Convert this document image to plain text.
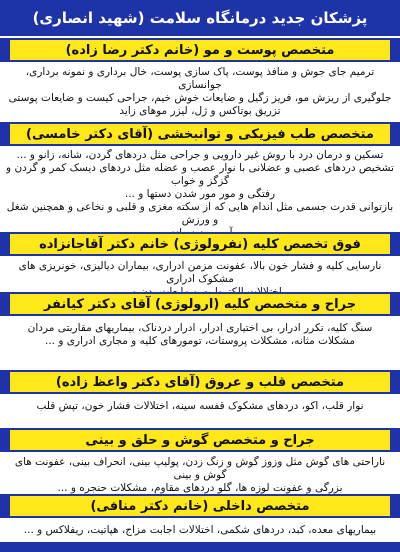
پزشکان جدید درمانگاه سلامت (شهید انصاری)
متخصص پوست و مو (خانم دکتر رضا زاده)
ترمیم جای جوش و منافذ پوست، پاک سازی پوست، خال برداری و نمونه برداری، جوانسازی
جلوگیری از ریزش مو، فریز زگیل و ضایعات خوش خیم، جراحی کیست و ضایعات پوستی
تزریق بوتاکس و ژل، لیزر موهای زاید
متخصص طب فیزیکی و توانبخشی (آقای دکتر خامسی)
تسکین و درمان درد با روش غیر دارویی و جراحی مثل دردهای گردن، شانه، زانو و ...
تشخیص دردهای عصبی و عضلانی با نوار عصب و عضله مثل دردهای دیسک کمر و گردن و گزگز و خواب
رفتگی و مور مور شدن دستها و ...
بازتوانی قدرت جسمی مثل اندام هایی که از سکته مغزی و قلبی و نخاعی و همچنین شغل و ورزش
فوق تخصص کلیه (نفرولوژی) خانم دکتر آقاجانزاده
نارسایی کلیه و فشار خون بالا، عفونت مزمن ادراری، بیماران دیالیزی، خونریزی های مشکوک ادراری
جراح و متخصص کلیه (ارولوژی) آقای دکتر کیانفر
سنگ کلیه، تکرر ادرار، بی اختیاری ادرار، ادرار دردناک، بیماریهای مقاربتی مردان
مشکلات مثانه، مشکلات پروستات، تومورهای کلیه و مجاری ادراری و ...
متخصص قلب و عروق (آقای دکتر واعظ زاده)
نوار قلب، اکو، دردهای مشکوک قفسه سینه، اختلالات فشار خون، تپش قلب
جراح و متخصص گوش و حلق و بینی
ناراحتی های گوش مثل وزوز گوش و زنگ زدن، پولیپ بینی، انحراف بینی، عفونت های گوش و بینی
بزرگی و عفونت لوزه ها، گلو دردهای مقاوم، مشکلات حنجره و ...
متخصص داخلی (خانم دکتر منافی)
بیماریهای معده، کبد، دردهای شکمی، اختلالات اجابت مزاج، هپاتیت، ریفلاکس و ...
